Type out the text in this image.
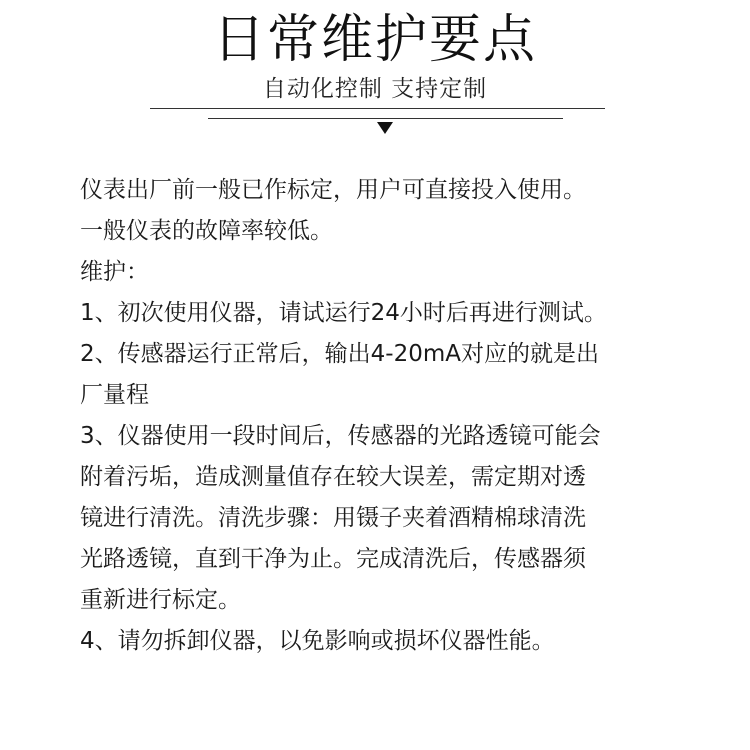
日常维护要点
自动化控制 支持定制

仪表出厂前一般已作标定，用户可直接投入使用。

一般仪表的故障率较低。

维护：

1、初次使用仪器，请试运行24小时后再进行测试。

2、传感器运行正常后，输出4-20mA对应的就是出

厂量程

3、仪器使用一段时间后，传感器的光路透镜可能会

附着污垢，造成测量值存在较大误差，需定期对透

镜进行清洗。清洗步骤：用镊子夹着酒精棉球清洗

光路透镜，直到干净为止。完成清洗后，传感器须

重新进行标定。

4、请勿拆卸仪器，以免影响或损坏仪器性能。
